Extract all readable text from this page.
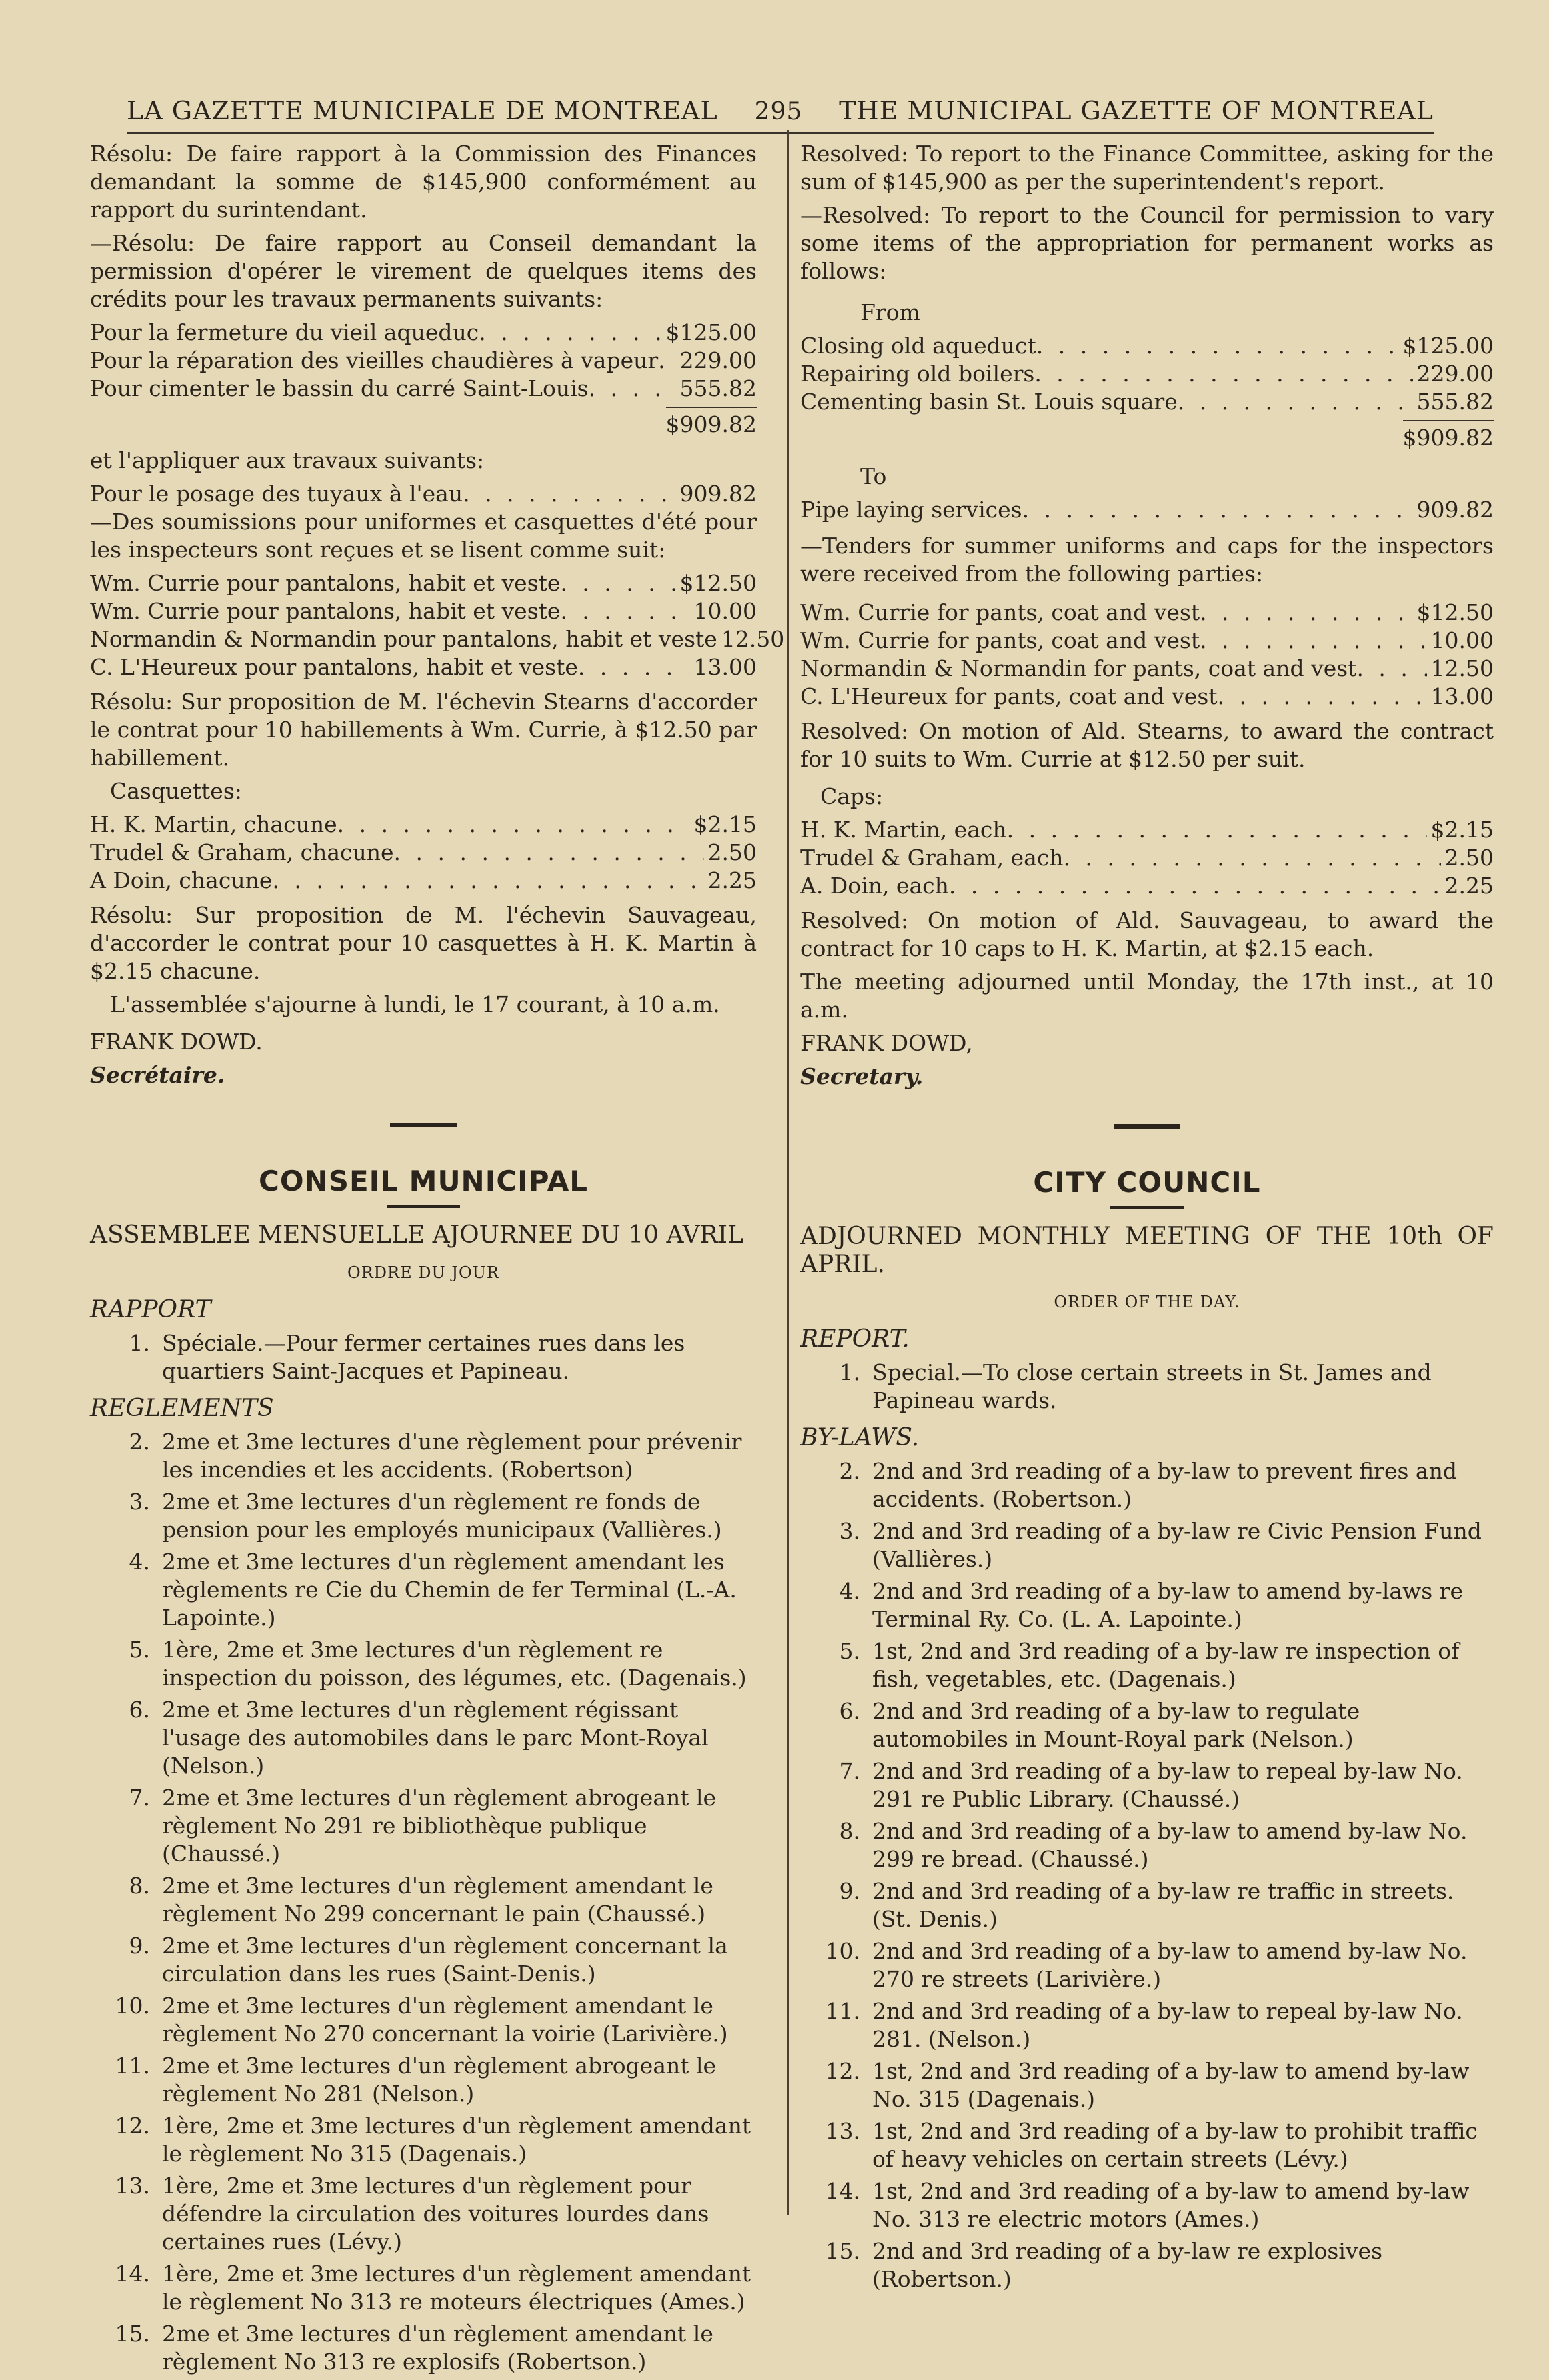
LA GAZETTE MUNICIPALE DE MONTREAL 295 THE MUNICIPAL GAZETTE OF MONTREAL

Résolu: De faire rapport à la Commission des Finances demandant la somme de $145,900 conformément au rapport du surintendant.

—Résolu: De faire rapport au Conseil demandant la permission d'opérer le virement de quelques items des crédits pour les travaux permanents suivants:

Pour la fermeture du vieil aqueduc . . .	$125.00
Pour la réparation des vieilles chaudières à vapeur . . . 229.00
Pour cimenter le bassin du carré Saint-Louis . . .	555.82
$909.82

et l'appliquer aux travaux suivants:

Pour le posage des tuyaux à l'eau . . .	909.82

—Des soumissions pour uniformes et casquettes d'été pour les inspecteurs sont reçues et se lisent comme suit:

Wm. Currie pour pantalons, habit et veste . . .	$12.50
Wm. Currie pour pantalons, habit et veste . . .	10.00
Normandin & Normandin pour pantalons, habit et veste 12.50
C. L'Heureux pour pantalons, habit et veste . . .	13.00

Résolu: Sur proposition de M. l'échevin Stearns d'accorder le contrat pour 10 habillements à Wm. Currie, à $12.50 par habillement.

Casquettes:

H. K. Martin, chacune . . .	$2.15
Trudel & Graham, chacune . . .	2.50
A Doin, chacune . . .	2.25

Résolu: Sur proposition de M. l'échevin Sauvageau, d'accorder le contrat pour 10 casquettes à H. K. Martin à $2.15 chacune.

L'assemblée s'ajourne à lundi, le 17 courant, à 10 a.m.

FRANK DOWD.

Secrétaire.

CONSEIL MUNICIPAL

ASSEMBLEE MENSUELLE AJOURNEE DU 10 AVRIL

ORDRE DU JOUR
RAPPORT
1. Spéciale.—Pour fermer certaines rues dans les quartiers Saint-Jacques et Papineau.
REGLEMENTS
2. 2me et 3me lectures d'une règlement pour prévenir les incendies et les accidents. (Robertson)
3. 2me et 3me lectures d'un règlement re fonds de pension pour les employés municipaux (Vallières.)
4. 2me et 3me lectures d'un règlement amendant les règlements re Cie du Chemin de fer Terminal (L.-A. Lapointe.)
5. 1ère, 2me et 3me lectures d'un règlement re inspection du poisson, des légumes, etc. (Dagenais.)
6. 2me et 3me lectures d'un règlement régissant l'usage des automobiles dans le parc Mont-Royal (Nelson.)
7. 2me et 3me lectures d'un règlement abrogeant le règlement No 291 re bibliothèque publique (Chaussé.)
8. 2me et 3me lectures d'un règlement amendant le règlement No 299 concernant le pain (Chaussé.)
9. 2me et 3me lectures d'un règlement concernant la circulation dans les rues (Saint-Denis.)
10. 2me et 3me lectures d'un règlement amendant le règlement No 270 concernant la voirie (Larivière.)
11. 2me et 3me lectures d'un règlement abrogeant le règlement No 281 (Nelson.)
12. 1ère, 2me et 3me lectures d'un règlement amendant le règlement No 315 (Dagenais.)
13. 1ère, 2me et 3me lectures d'un règlement pour défendre la circulation des voitures lourdes dans certaines rues (Lévy.)
14. 1ère, 2me et 3me lectures d'un règlement amendant le règlement No 313 re moteurs électriques (Ames.)
15. 2me et 3me lectures d'un règlement amendant le règlement No 313 re explosifs (Robertson.)

Resolved: To report to the Finance Committee, asking for the sum of $145,900 as per the superintendent's report.

—Resolved: To report to the Council for permission to vary some items of the appropriation for permanent works as follows:

From
Closing old aqueduct . . .	$125.00
Repairing old boilers . . .	229.00
Cementing basin St. Louis square . . .	555.82
$909.82
To
Pipe laying services . . .	909.82

—Tenders for summer uniforms and caps for the inspectors were received from the following parties:

Wm. Currie for pants, coat and vest . . .	$12.50
Wm. Currie for pants, coat and vest . . .	10.00
Normandin & Normandin for pants, coat and vest . . .	12.50
C. L'Heureux for pants, coat and vest . . .	13.00

Resolved: On motion of Ald. Stearns, to award the contract for 10 suits to Wm. Currie at $12.50 per suit.

Caps:

H. K. Martin, each . . .	$2.15
Trudel & Graham, each . . .	2.50
A. Doin, each . . .	2.25

Resolved: On motion of Ald. Sauvageau, to award the contract for 10 caps to H. K. Martin, at $2.15 each.

The meeting adjourned until Monday, the 17th inst., at 10 a.m.

FRANK DOWD,

Secretary.

CITY COUNCIL

ADJOURNED MONTHLY MEETING OF THE 10th OF APRIL.

ORDER OF THE DAY.
REPORT.
1. Special.—To close certain streets in St. James and Papineau wards.
BY-LAWS.
2. 2nd and 3rd reading of a by-law to prevent fires and accidents. (Robertson.)
3. 2nd and 3rd reading of a by-law re Civic Pension Fund (Vallières.)
4. 2nd and 3rd reading of a by-law to amend by-laws re Terminal Ry. Co. (L. A. Lapointe.)
5. 1st, 2nd and 3rd reading of a by-law re inspection of fish, vegetables, etc. (Dagenais.)
6. 2nd and 3rd reading of a by-law to regulate automobiles in Mount-Royal park (Nelson.)
7. 2nd and 3rd reading of a by-law to repeal by-law No. 291 re Public Library. (Chaussé.)
8. 2nd and 3rd reading of a by-law to amend by-law No. 299 re bread. (Chaussé.)
9. 2nd and 3rd reading of a by-law re traffic in streets. (St. Denis.)
10. 2nd and 3rd reading of a by-law to amend by-law No. 270 re streets (Larivière.)
11. 2nd and 3rd reading of a by-law to repeal by-law No. 281. (Nelson.)
12. 1st, 2nd and 3rd reading of a by-law to amend by-law No. 315 (Dagenais.)
13. 1st, 2nd and 3rd reading of a by-law to prohibit traffic of heavy vehicles on certain streets (Lévy.)
14. 1st, 2nd and 3rd reading of a by-law to amend by-law No. 313 re electric motors (Ames.)
15. 2nd and 3rd reading of a by-law re explosives (Robertson.)
